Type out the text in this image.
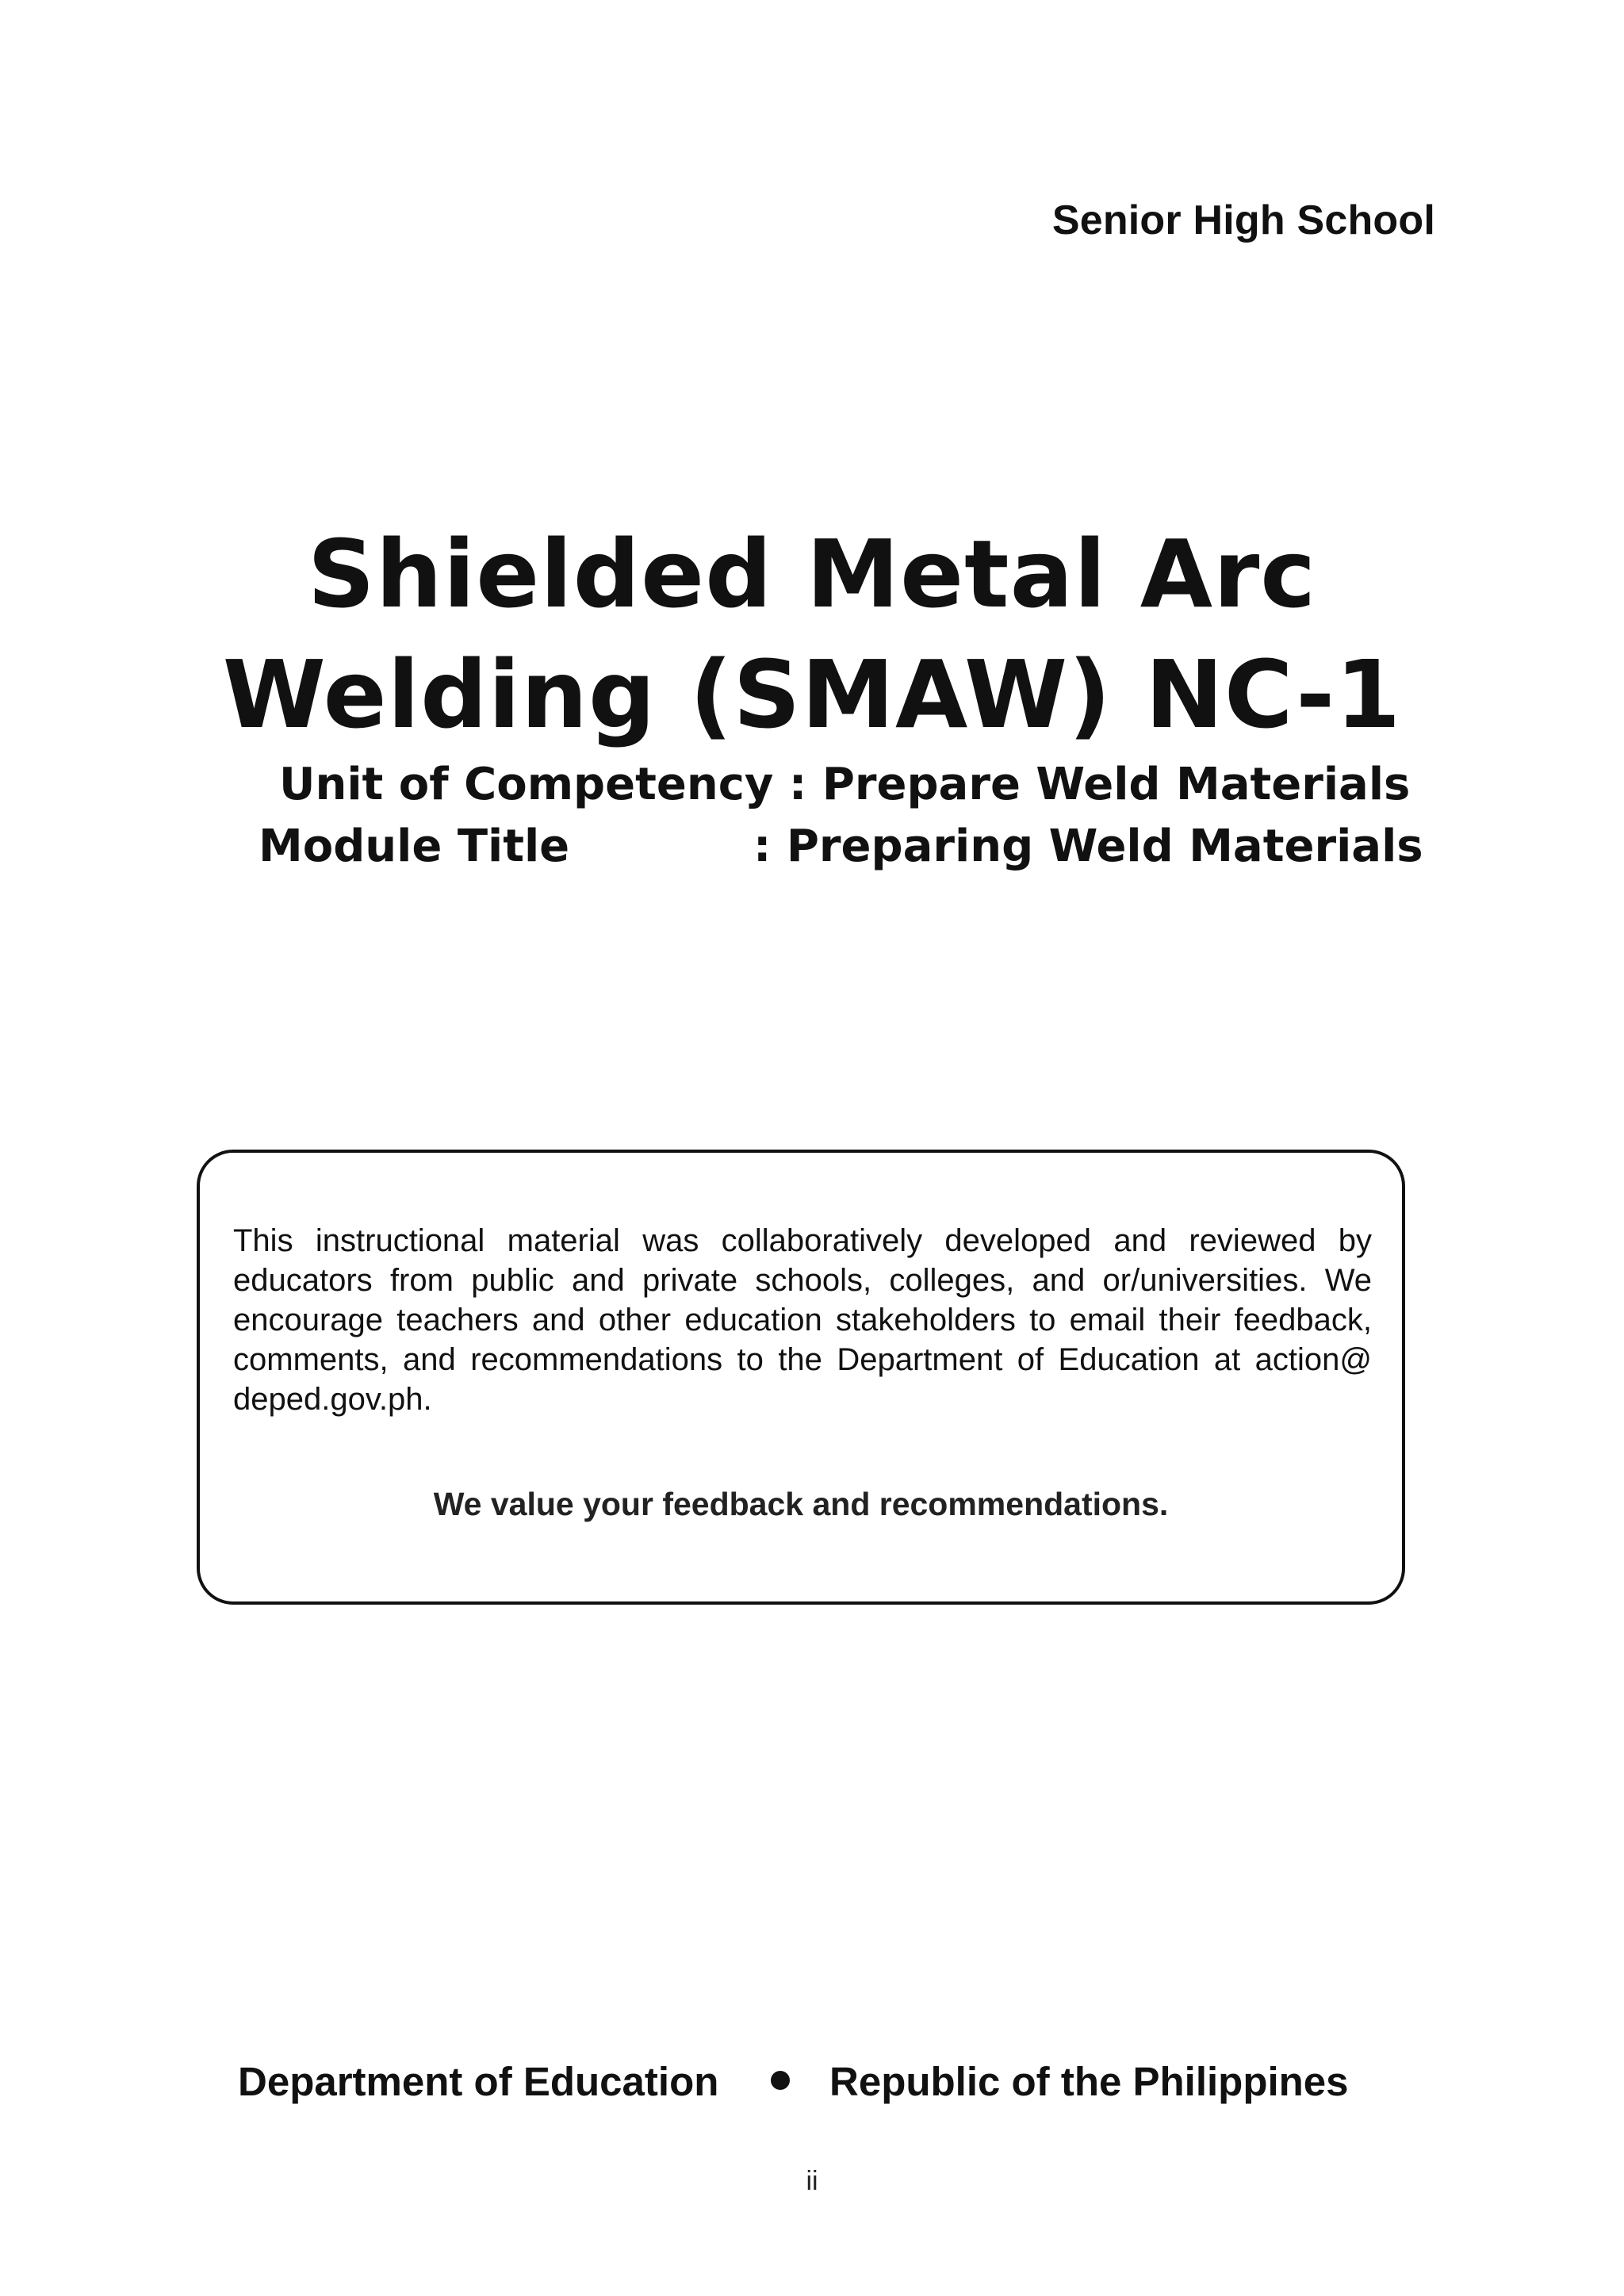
Senior High School
Shielded Metal Arc
Welding (SMAW) NC-1
Unit of Competency : Prepare Weld Materials
Module Title	: Preparing Weld Materials
This instructional material was collaboratively developed and reviewed by educators from public and private schools, colleges, and or/universities. We encourage teachers and other education stakeholders to email their feedback, comments, and recommendations to the Department of Education at action@ deped.gov.ph.
We value your feedback and recommendations.
Department of Education	Republic of the Philippines
ii
